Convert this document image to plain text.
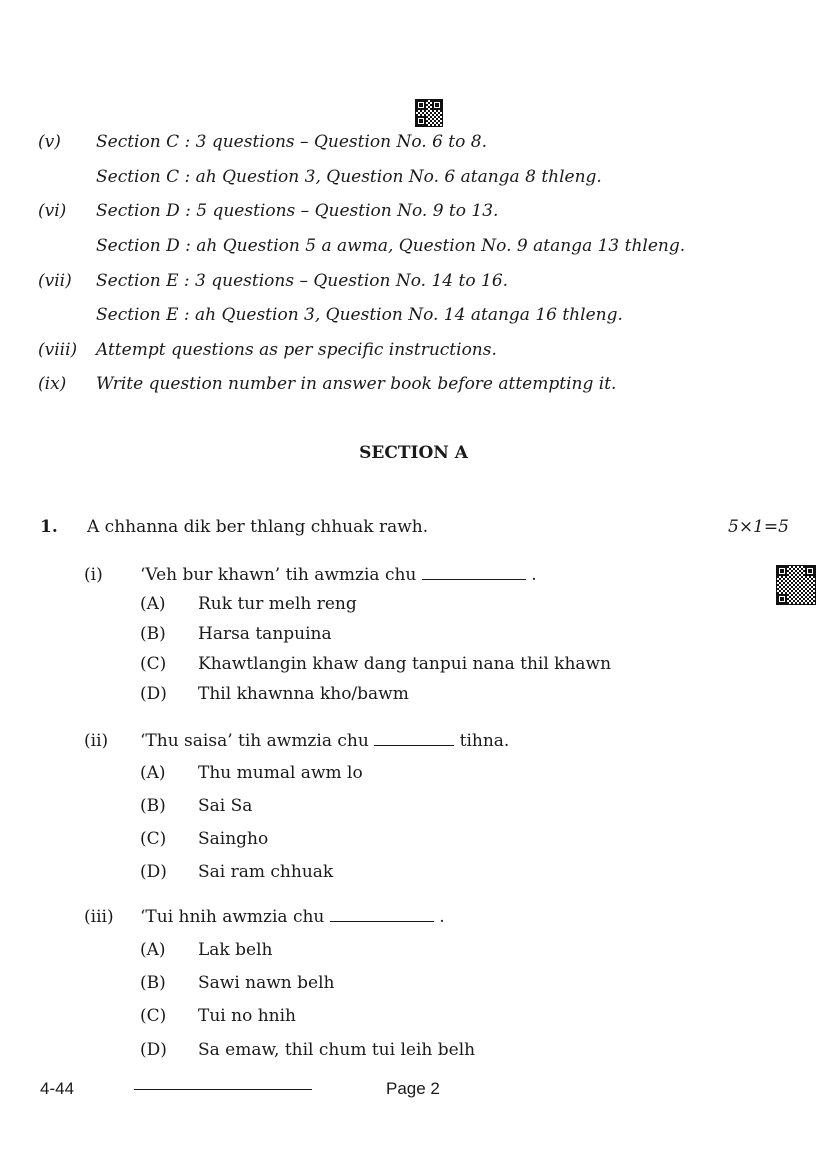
(v) Section C : 3 questions – Question No. 6 to 8.
Section C : ah Question 3, Question No. 6 atanga 8 thleng.
(vi) Section D : 5 questions – Question No. 9 to 13.
Section D : ah Question 5 a awma, Question No. 9 atanga 13 thleng.
(vii) Section E : 3 questions – Question No. 14 to 16.
Section E : ah Question 3, Question No. 14 atanga 16 thleng.
(viii) Attempt questions as per specific instructions.
(ix) Write question number in answer book before attempting it.
SECTION A
1. A chhanna dik ber thlang chhuak rawh.	5×1=5
(i) ‘Veh bur khawn’ tih awmzia chu	.
(A) Ruk tur melh reng
(B) Harsa tanpuina
(C) Khawtlangin khaw dang tanpui nana thil khawn
(D) Thil khawnna kho/bawm
(ii) ‘Thu saisa’ tih awmzia chu	tihna.
(A) Thu mumal awm lo
(B) Sai Sa
(C) Saingho
(D) Sai ram chhuak
(iii) ‘Tui hnih awmzia chu	.
(A) Lak belh
(B) Sawi nawn belh
(C) Tui no hnih
(D) Sa emaw, thil chum tui leih belh
4-44	Page 2
